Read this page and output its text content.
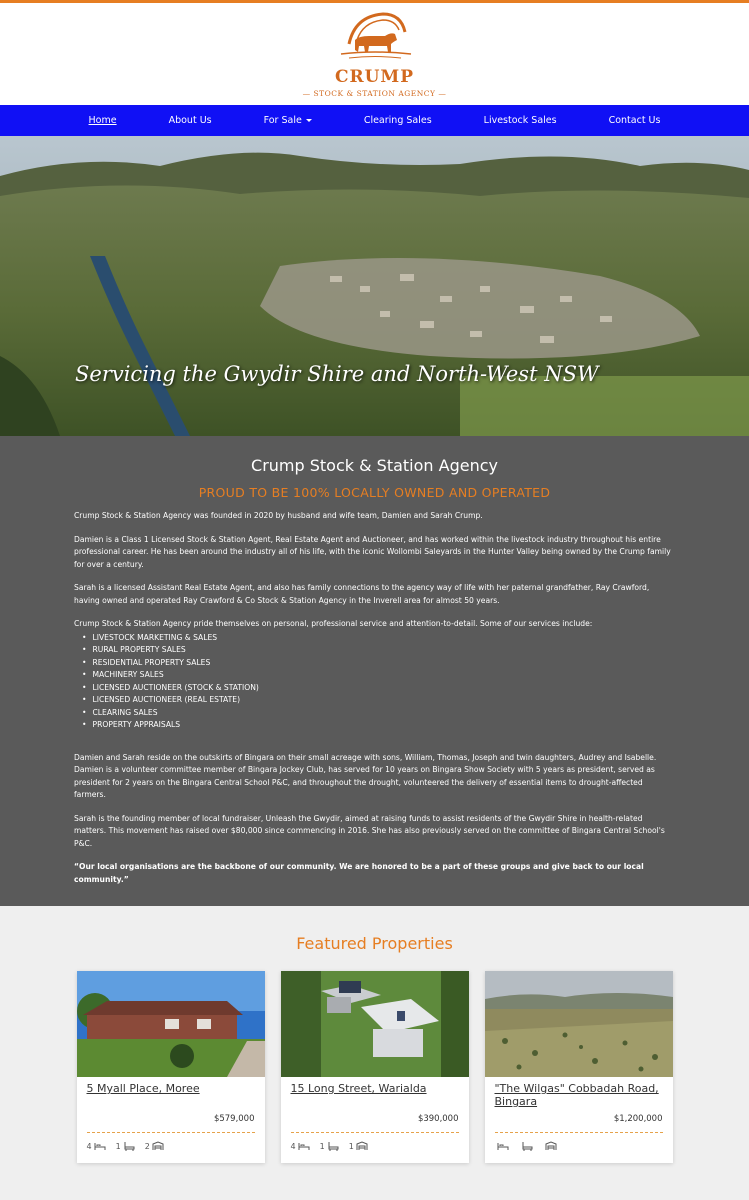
CRUMP
— STOCK & STATION AGENCY —
Home	About Us	For Sale	Clearing Sales	Livestock Sales	Contact Us
Servicing the Gwydir Shire and North-West NSW
Crump Stock & Station Agency
PROUD TO BE 100% LOCALLY OWNED AND OPERATED

Crump Stock & Station Agency was founded in 2020 by husband and wife team, Damien and Sarah Crump.

Damien is a Class 1 Licensed Stock & Station Agent, Real Estate Agent and Auctioneer, and has worked within the livestock industry throughout his entire professional career. He has been around the industry all of his life, with the iconic Wollombi Saleyards in the Hunter Valley being owned by the Crump family for over a century.

Sarah is a licensed Assistant Real Estate Agent, and also has family connections to the agency way of life with her paternal grandfather, Ray Crawford, having owned and operated Ray Crawford & Co Stock & Station Agency in the Inverell area for almost 50 years.

Crump Stock & Station Agency pride themselves on personal, professional service and attention-to-detail. Some of our services include:

• LIVESTOCK MARKETING & SALES
• RURAL PROPERTY SALES
• RESIDENTIAL PROPERTY SALES
• MACHINERY SALES
• LICENSED AUCTIONEER (STOCK & STATION)
• LICENSED AUCTIONEER (REAL ESTATE)
• CLEARING SALES
• PROPERTY APPRAISALS

Damien and Sarah reside on the outskirts of Bingara on their small acreage with sons, William, Thomas, Joseph and twin daughters, Audrey and Isabelle. Damien is a volunteer committee member of Bingara Jockey Club, has served for 10 years on Bingara Show Society with 5 years as president, served as president for 2 years on the Bingara Central School P&C, and throughout the drought, volunteered the delivery of essential items to drought-affected farmers.

Sarah is the founding member of local fundraiser, Unleash the Gwydir, aimed at raising funds to assist residents of the Gwydir Shire in health-related matters. This movement has raised over $80,000 since commencing in 2016. She has also previously served on the committee of Bingara Central School's P&C.

“Our local organisations are the backbone of our community. We are honored to be a part of these groups and give back to our local community.”

Featured Properties
5 Myall Place, Moree
$579,000
4	1	2
15 Long Street, Warialda
$390,000
4	1	1
"The Wilgas" Cobbadah Road, Bingara
$1,200,000
